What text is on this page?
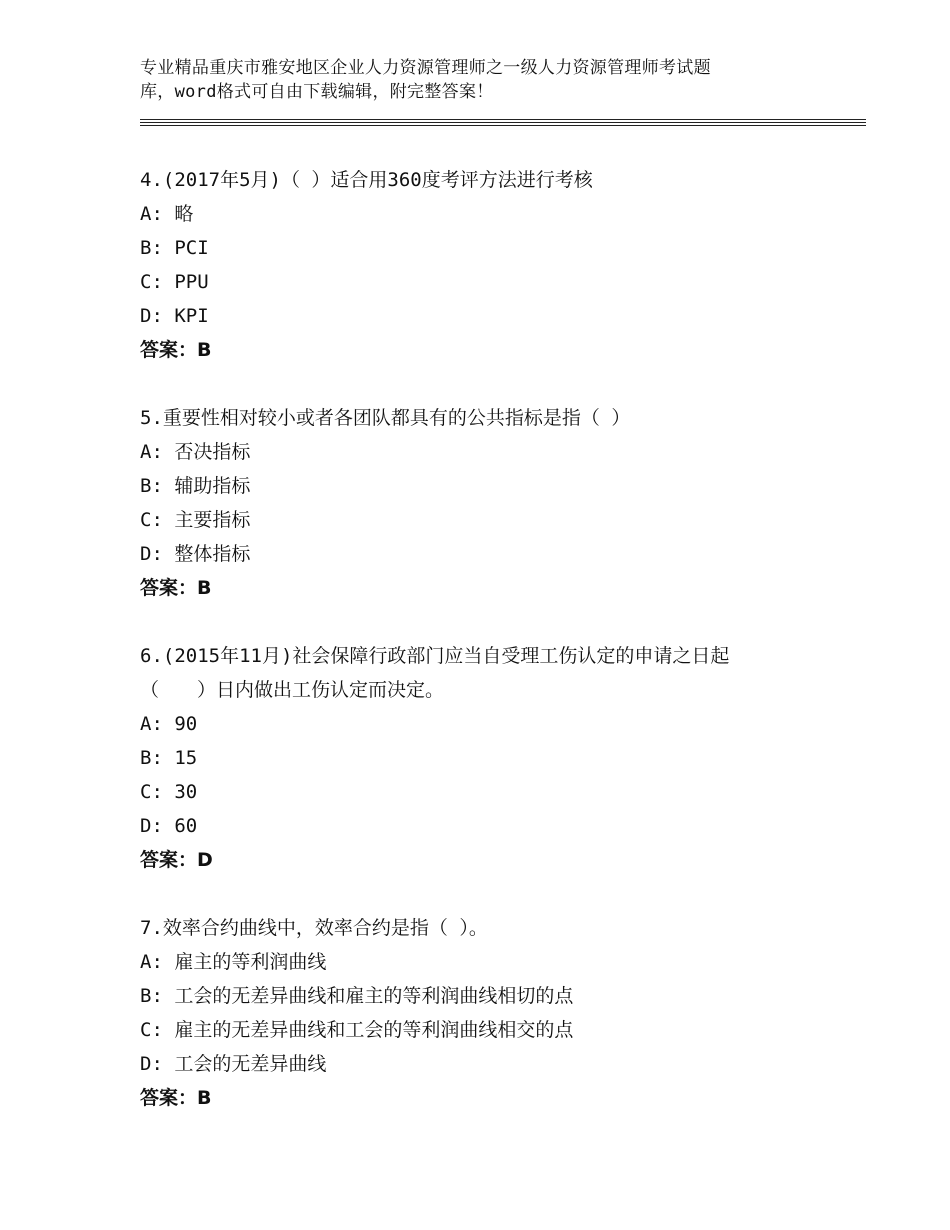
专业精品重庆市雅安地区企业人力资源管理师之一级人力资源管理师考试题
库，word格式可自由下载编辑，附完整答案！
4.(2017年5月)（ ）适合用360度考评方法进行考核
A: 略
B: PCI
C: PPU
D: KPI
答案：B
5.重要性相对较小或者各团队都具有的公共指标是指（ ）
A: 否决指标
B: 辅助指标
C: 主要指标
D: 整体指标
答案：B
6.(2015年11月)社会保障行政部门应当自受理工伤认定的申请之日起
（　　）日内做出工伤认定而决定。
A: 90
B: 15
C: 30
D: 60
答案：D
7.效率合约曲线中，效率合约是指（ ）。
A: 雇主的等利润曲线
B: 工会的无差异曲线和雇主的等利润曲线相切的点
C: 雇主的无差异曲线和工会的等利润曲线相交的点
D: 工会的无差异曲线
答案：B
